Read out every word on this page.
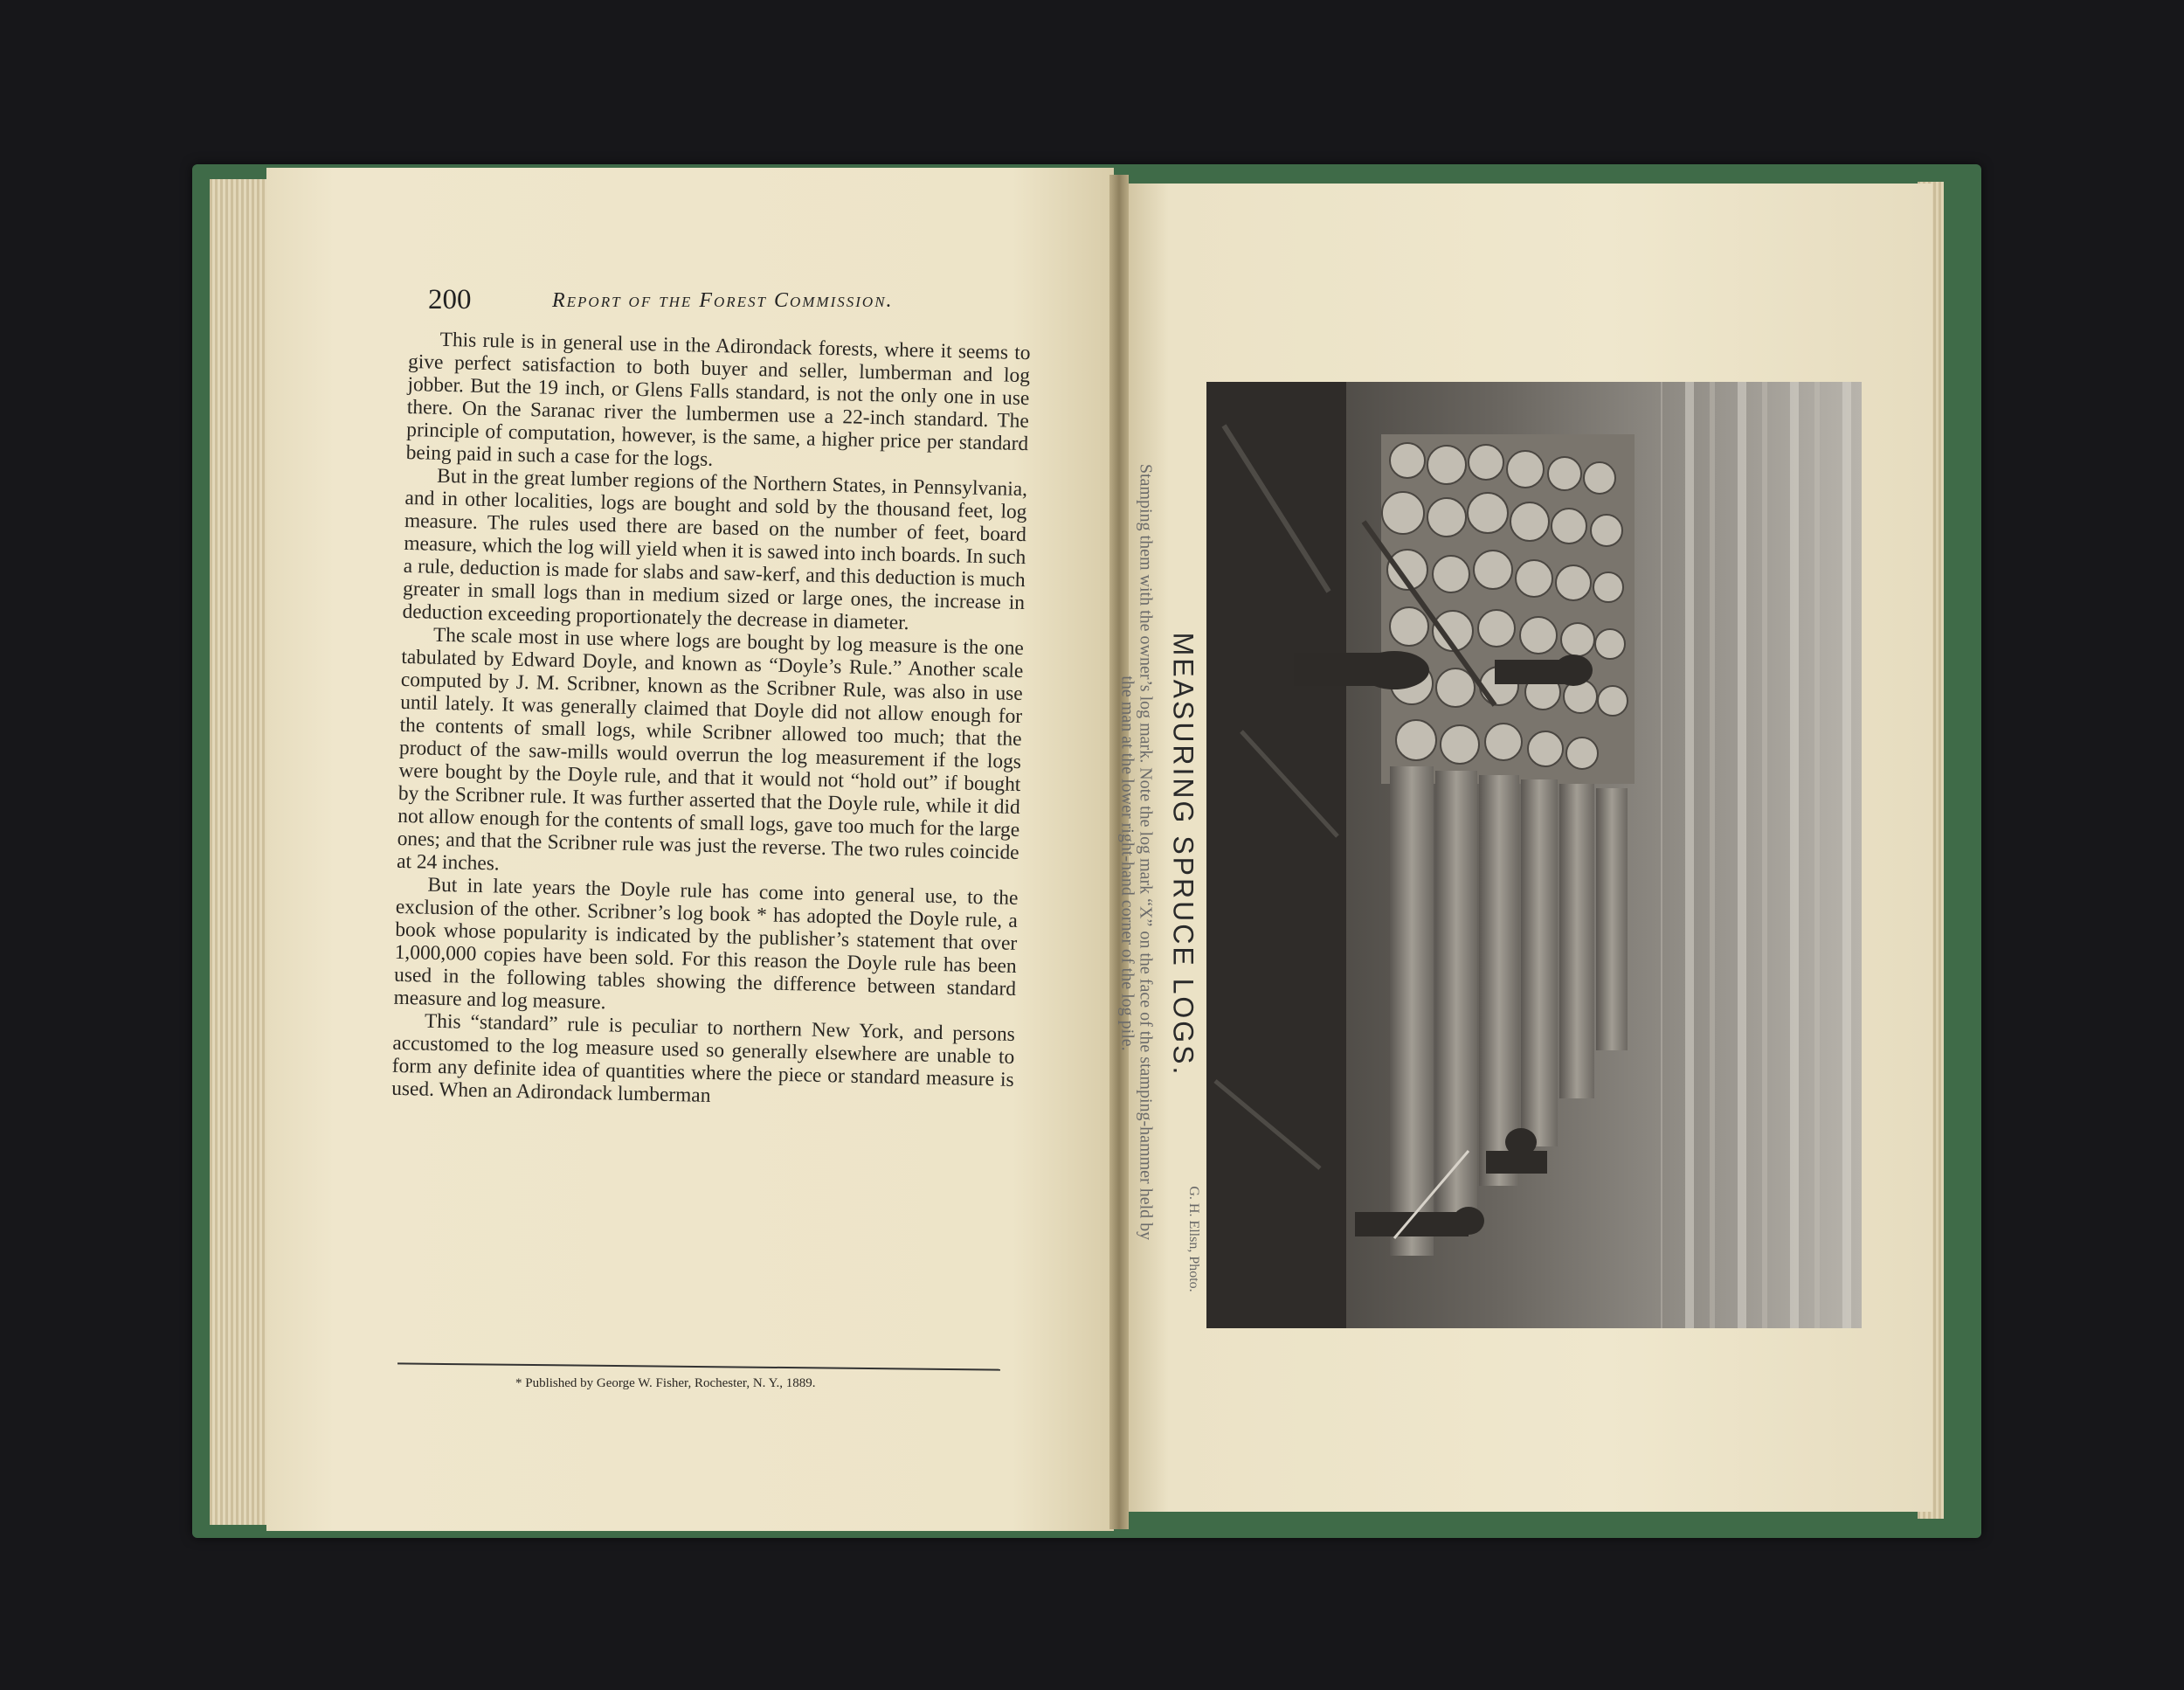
200	Report of the Forest Commission.

This rule is in general use in the Adirondack forests, where it seems to give perfect satisfaction to both buyer and seller, lumberman and log jobber. But the 19 inch, or Glens Falls standard, is not the only one in use there. On the Saranac river the lumbermen use a 22-inch standard. The principle of computation, however, is the same, a higher price per standard being paid in such a case for the logs.

But in the great lumber regions of the Northern States, in Pennsylvania, and in other localities, logs are bought and sold by the thousand feet, log measure. The rules used there are based on the number of feet, board measure, which the log will yield when it is sawed into inch boards. In such a rule, deduction is made for slabs and saw-kerf, and this deduction is much greater in small logs than in medium sized or large ones, the increase in deduction exceeding proportionately the decrease in diameter.

The scale most in use where logs are bought by log measure is the one tabulated by Edward Doyle, and known as “Doyle’s Rule.” Another scale computed by J. M. Scribner, known as the Scribner Rule, was also in use until lately. It was generally claimed that Doyle did not allow enough for the contents of small logs, while Scribner allowed too much; that the product of the saw-mills would overrun the log measurement if the logs were bought by the Doyle rule, and that it would not “hold out” if bought by the Scribner rule. It was further asserted that the Doyle rule, while it did not allow enough for the contents of small logs, gave too much for the large ones; and that the Scribner rule was just the reverse. The two rules coincide at 24 inches.

But in late years the Doyle rule has come into general use, to the exclusion of the other. Scribner’s log book * has adopted the Doyle rule, a book whose popularity is indicated by the publisher’s statement that over 1,000,000 copies have been sold. For this reason the Doyle rule has been used in the following tables showing the difference between standard measure and log measure.

This “standard” rule is peculiar to northern New York, and persons accustomed to the log measure used so generally elsewhere are unable to form any definite idea of quantities where the piece or standard measure is used. When an Adirondack lumberman

* Published by George W. Fisher, Rochester, N. Y., 1889.
MEASURING SPRUCE LOGS.
Stamping them with the owner’s log mark. Note the log mark “X” on the face of the stamping-hammer held by
the man at the lower right-hand corner of the log pile.
G. H. Ellsn, Photo.
